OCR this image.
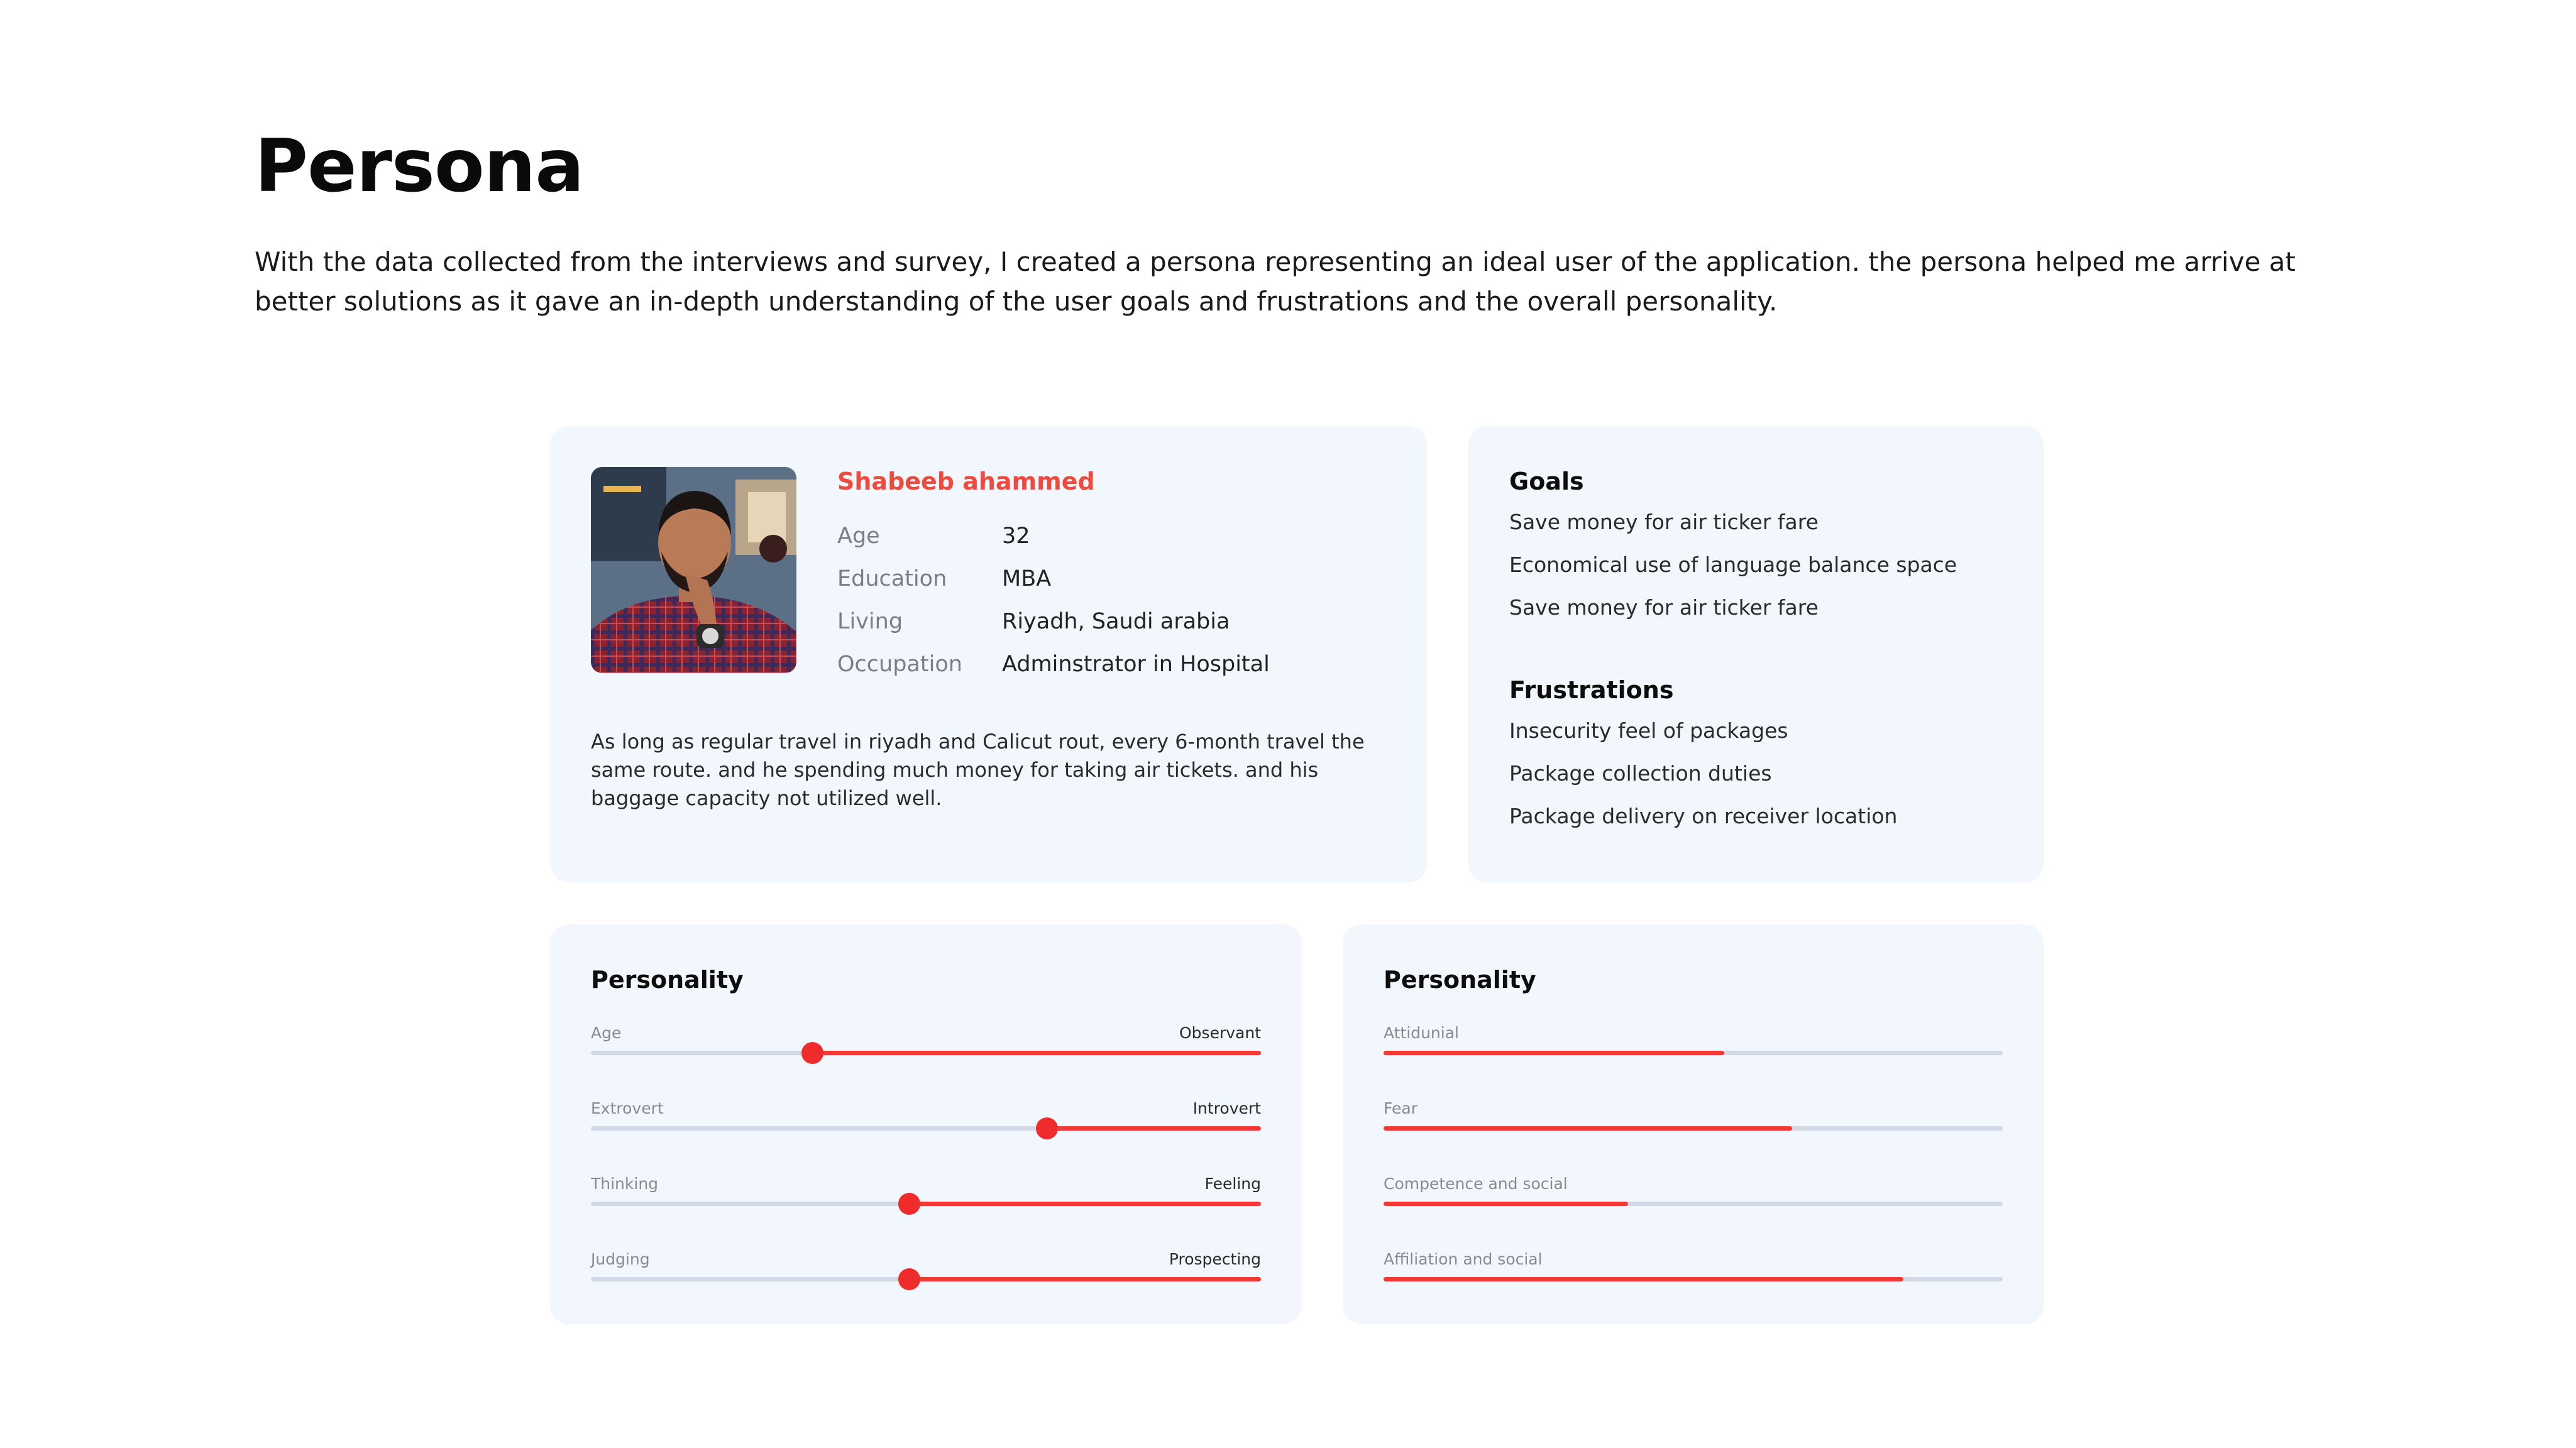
Persona

With the data collected from the interviews and survey, I created a persona representing an ideal user of the application. the persona helped me arrive at better solutions as it gave an in-depth understanding of the user goals and frustrations and the overall personality.

Shabeeb ahammed
Age	32
Education	MBA
Living	Riyadh, Saudi arabia
Occupation	Adminstrator in Hospital

As long as regular travel in riyadh and Calicut rout, every 6-month travel the same route. and he spending much money for taking air tickets. and his baggage capacity not utilized well.

Goals
Save money for air ticker fare
Economical use of language balance space
Save money for air ticker fare
Frustrations
Insecurity feel of packages
Package collection duties
Package delivery on receiver location
Personality
Age	Observant
Extrovert	Introvert
Thinking	Feeling
Judging	Prospecting
Personality
Attidunial
Fear
Competence and social
Affiliation and social
